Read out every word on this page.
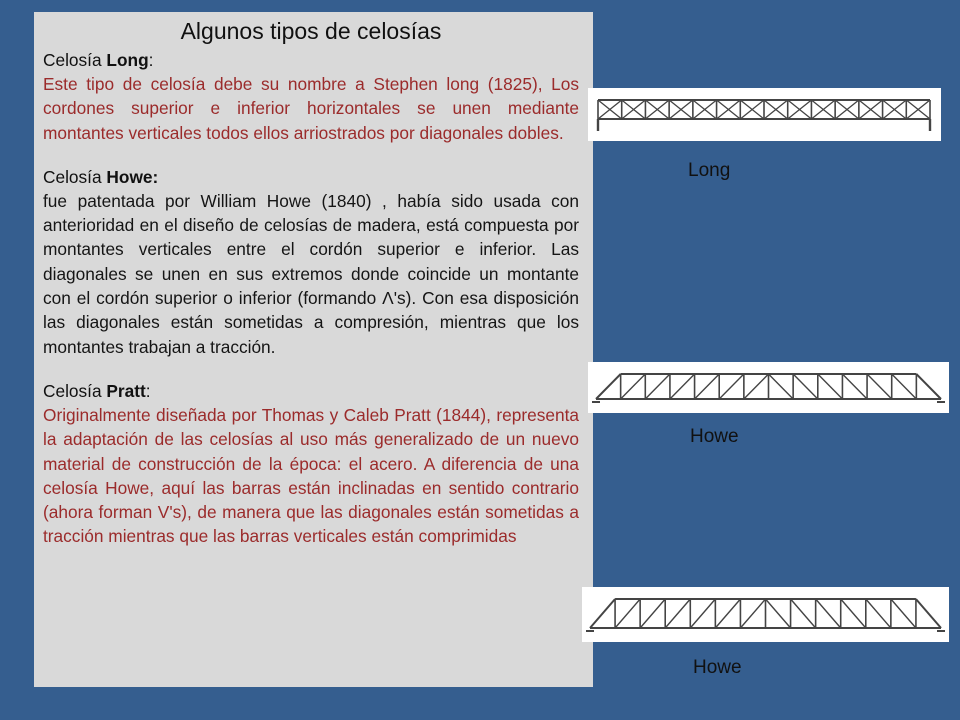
Algunos tipos de celosías

Celosía Long:

Este tipo de celosía debe su nombre a Stephen long (1825), Los cordones superior e inferior horizontales se unen mediante montantes verticales todos ellos arriostrados por diagonales dobles.

Celosía Howe:

fue patentada por William Howe (1840) , había sido usada con anterioridad en el diseño de celosías de madera, está compuesta por montantes verticales entre el cordón superior e inferior. Las diagonales se unen en sus extremos donde coincide un montante con el cordón superior o inferior (formando Λ's). Con esa disposición las diagonales están sometidas a compresión, mientras que los montantes trabajan a tracción.

Celosía Pratt:

Originalmente diseñada por Thomas y Caleb Pratt (1844), representa la adaptación de las celosías al uso más generalizado de un nuevo material de construcción de la época: el acero. A diferencia de una celosía Howe, aquí las barras están inclinadas en sentido contrario (ahora forman V's), de manera que las diagonales están sometidas a tracción mientras que las barras verticales están comprimidas

Long
Howe
Howe
